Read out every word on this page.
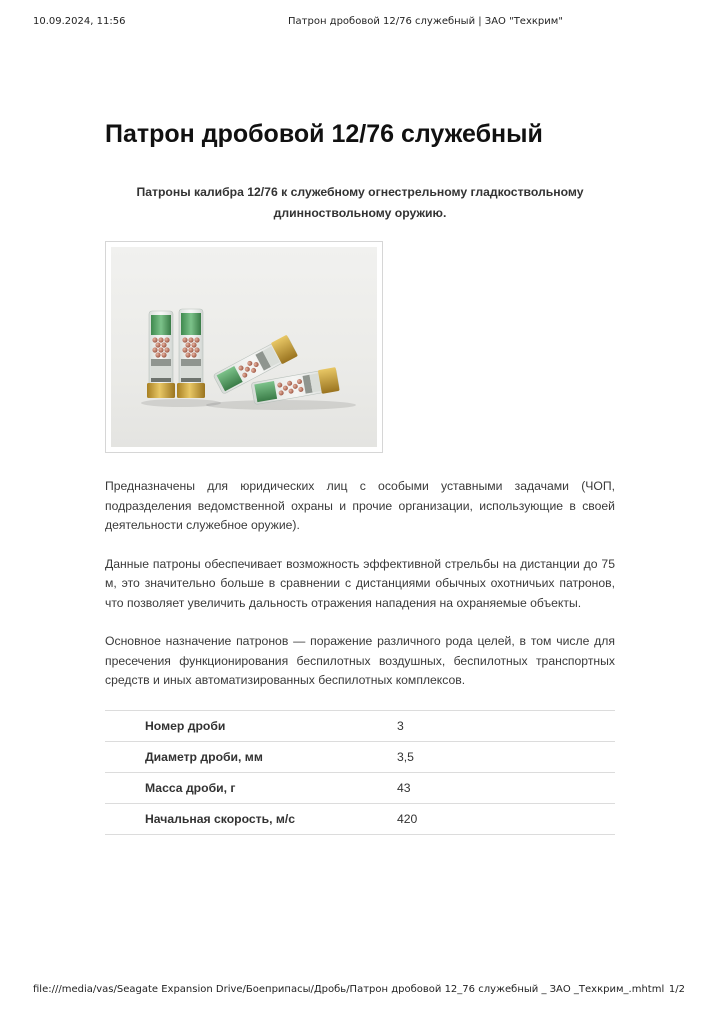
10.09.2024, 11:56	Патрон дробовой 12/76 служебный | ЗАО "Техкрим"
Патрон дробовой 12/76 служебный

Патроны калибра 12/76 к служебному огнестрельному гладкоствольному длинноствольному оружию.

Предназначены для юридических лиц с особыми уставными задачами (ЧОП, подразделения ведомственной охраны и прочие организации, использующие в своей деятельности служебное оружие).

Данные патроны обеспечивает возможность эффективной стрельбы на дистанции до 75 м, это значительно больше в сравнении с дистанциями обычных охотничьих патронов, что позволяет увеличить дальность отражения нападения на охраняемые объекты.

Основное назначение патронов — поражение различного рода целей, в том числе для пресечения функционирования беспилотных воздушных, беспилотных транспортных средств и иных автоматизированных беспилотных комплексов.

Номер дроби	3
Диаметр дроби, мм	3,5
Масса дроби, г	43
Начальная скорость, м/с	420
file:///media/vas/Seagate Expansion Drive/Боеприпасы/Дробь/Патрон дробовой 12_76 служебный _ ЗАО _Техкрим_.mhtml 1/2
